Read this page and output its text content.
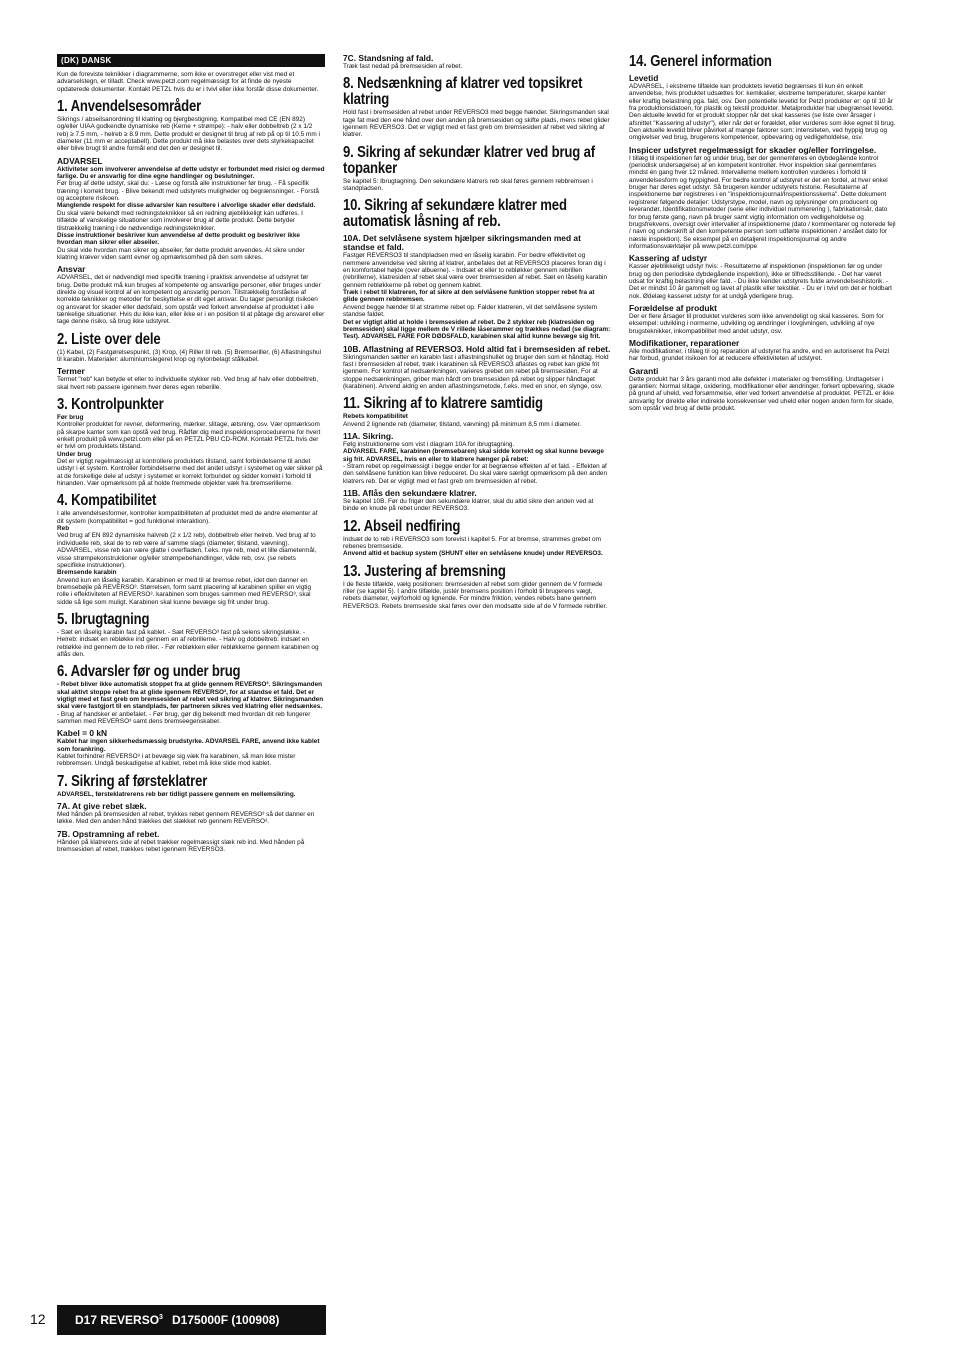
(DK) DANSK

Kun de foreviste teknikker i diagrammerne, som ikke er overstreget eller vist med et advarselstegn, er tilladt. Check www.petzl.com regelmæssigt for at finde de nyeste opdaterede dokumenter. Kontakt PETZL hvis du er i tvivl eller ikke forstår disse dokumenter.

1. Anvendelsesområder

Sikrings / abseilsanordning til klatring og bjergbestigning. Kompatibel med CE (EN 892) og/eller UIAA godkendte dynamiske reb (Kerne + strømpe): - halv eller dobbeltreb (2 x 1/2 reb) ≥ 7.5 mm, - helreb ≥ 8.9 mm. Dette produkt er designet til brug af reb på op til 10.5 mm i diameter (11 mm er acceptabelt). Dette produkt må ikke belastes over dets styrkekapacitet eller blive brugt til andre formål end det den er designet til.

ADVARSEL

Aktiviteter som involverer anvendelse af dette udstyr er forbundet med risici og dermed farlige. Du er ansvarlig for dine egne handlinger og beslutninger.

Før brug af dette udstyr, skal du: - Læse og forstå alle instruktioner før brug. - Få specifik træning i korrekt brug. - Blive bekendt med udstyrets muligheder og begrænsninger. - Forstå og acceptere risikoen.

Manglende respekt for disse advarsler kan resultere i alvorlige skader eller dødsfald.

Du skal være bekendt med redningsteknikker så en redning øjeblikkeligt kan udføres. I tilfælde af vanskelige situationer som involverer brug af dette produkt. Dette betyder tilstrækkelig træning i de nødvendige redningsteknikker.

Disse instruktioner beskriver kun anvendelse af dette produkt og beskriver ikke hvordan man sikrer eller abseiler.

Du skal vide hvordan man sikrer og abseiler, før dette produkt anvendes. At sikre under klatring kræver viden samt evner og opmærksomhed på den som sikres.

Ansvar

ADVARSEL, det er nødvendigt med specifik træning i praktisk anvendelse af udstyret før brug. Dette produkt må kun bruges af kompetente og ansvarlige personer, eller bruges under direkte og visuel kontrol af en kompetent og ansvarlig person. Tilstrækkelig forståelse af korrekte teknikker og metoder for beskyttelse er dit eget ansvar. Du tager personligt risikoen og ansvaret for skader eller dødsfald, som opstår ved forkert anvendelse af produktet i alle tænkelige situationer. Hvis du ikke kan, eller ikke er i en position til at påtage dig ansvaret eller tage denne risiko, så brug ikke udstyret.

2. Liste over dele

(1) Kabel, (2) Fastgørelsespunkt, (3) Krop, (4) Riller til reb. (5) Bremseriller, (6) Aflastningshul til karabin. Materialer: aluminiumslegeret krop og nylonbelagt stålkabel.

Termer

Termet "reb" kan betyde et eller to individuelle stykker reb. Ved brug af halv eller dobbeltreb, skal hvert reb passere igennem hver deres egen reberille.

3. Kontrolpunkter

Før brug

Kontroller produktet for revner, deformering, mærker, slitage, ætsning, osv. Vær opmærksom på skarpe kanter som kan opstå ved brug. Rådfør dig med inspektionsprocedurerne for hvert enkelt produkt på www.petzl.com eller på en PETZL PBU CD-ROM. Kontakt PETZL hvis der er tvivl om produktets tilstand.

Under brug

Det er vigtigt regelmæssigt at kontrollere produktets tilstand, samt forbindelserne til andet udstyr i et system. Kontroller forbindelserne med det andet udstyr i systemet og vær sikker på at de forskellige dele af udstyr i systemet er korrekt forbundet og sidder korrekt i forhold til hinanden. Vær opmærksom på at holde fremmede objekter væk fra bremserillerne.

4. Kompatibilitet

I alle anvendelsesformer, kontroller kompatibiliteten af produktet med de andre elementer af dit system (kompatibilitet = god funktionel interaktion).

Reb

Ved brug af EN 892 dynamiske halvreb (2 x 1/2 reb), dobbeltreb eller helreb. Ved brug af to individuelle reb, skal de to reb være af samme slags (diameter, tilstand, vævning). ADVARSEL, visse reb kan være glatte i overfladen, f.eks. nye reb, med et lille diametermål, visse strømpekonstruktioner og/eller strømpebehandlinger, våde reb, osv. (se rebets specifikke instruktioner).

Bremsende karabin

Anvend kun en låselig karabin. Karabinen er med til at bremse rebet, idet den danner en bremsebøjle på REVERSO³. Størrelsen, form samt placering af karabinen spiller en vigtig rolle i effektiviteten af REVERSO³. karabinen som bruges sammen med REVERSO³, skal sidde så lige som muligt. Karabinen skal kunne bevæge sig frit under brug.

5. Ibrugtagning

- Sæt en låselig karabin fast på kablet. - Sæt REVERSO³ fast på selens sikringsløkke. - Helreb: indsæt en rebløkke ind gennem en af rebrillerne. - Halv og dobbeltreb: indsæt en rebløkke ind gennem de to reb riller. - Før rebløkken eller rebløkkerne gennem karabinen og aflås den.

6. Advarsler før og under brug

- Rebet bliver ikke automatisk stoppet fra at glide gennem REVERSO³. Sikringsmanden skal aktivt stoppe rebet fra at glide igennem REVERSO³, for at standse et fald. Det er vigtigt med et fast greb om bremsesiden af rebet ved sikring af klatrer. Sikringsmanden skal være fastgjort til en standplads, før partneren sikres ved klatring eller nedsænkes.

- Brug af handsker er anbefalet. - Før brug, gør dig bekendt med hvordan dit reb fungerer sammen med REVERSO³ samt dens bremseegenskaber.

Kabel = 0 kN

Kablet har ingen sikkerhedsmæssig brudstyrke. ADVARSEL FARE, anvend ikke kablet som forankring.

Kablet forhindrer REVERSO³ i at bevæge sig væk fra karabinen, så man ikke mister rebbremsen. Undgå beskadigelse af kablet, rebet må ikke slide mod kablet.

7. Sikring af førsteklatrer

ADVARSEL, førsteklatrerens reb bør tidligt passere gennem en mellemsikring.

7A. At give rebet slæk.

Med hånden på bremsesiden af rebet, trykkes rebet gennem REVERSO³ så det danner en løkke. Med den anden hånd trækkes det slækket reb gennem REVERSO³.

7B. Opstramning af rebet.

Hånden på klatrerens side af rebet trækker regelmæssigt slæk reb ind. Med hånden på bremsesiden af rebet, trækkes rebet igennem REVERSO3.

7C. Standsning af fald.

Træk fast nedad på bremsesiden af rebet.

8. Nedsænkning af klatrer ved topsikret klatring

Hold fast i bremsesiden af rebet under REVERSO3 med begge hænder. Sikringsmanden skal tage fat med den ene hånd over den anden på bremsesiden og skifte plads, mens rebet glider igennem REVERSO3. Det er vigtigt med et fast greb om bremsesiden af rebet ved sikring af klatrer.

9. Sikring af sekundær klatrer ved brug af topanker

Se kapitel 5: Ibrugtagning. Den sekundære klatrers reb skal føres gennem rebbremsen i standpladsen.

10. Sikring af sekundære klatrer med automatisk låsning af reb.
10A. Det selvlåsene system hjælper sikringsmanden med at standse et fald.

Fastgør REVERSO3 til standpladsen med en låselig karabin. For bedre effektivitet og nemmere anvendelse ved sikring af klatrer, anbefales det at REVERSO3 placeres foran dig i en komfortabel højde (over albuerne). - Indsæt et eller to rebløkker gennem rebrillen (rebrillerne), klatresiden af rebet skal være over bremsesiden af rebet. Sæt en låselig karabin gennem rebløkkerne på rebet og gennem kablet.

Træk i rebet til klatreren, for at sikre at den selvlåsene funktion stopper rebet fra at glide gennem rebbremsen.

Anvend begge hænder til at stramme rebet op. Falder klatreren, vil det selvlåsene system standse faldet.

Det er vigtigt altid at holde i bremsesiden af rebet. De 2 stykker reb (klatresiden og bremsesiden) skal ligge mellem de V rillede låserammer og trækkes nedad (se diagram: Test). ADVARSEL FARE FOR DØDSFALD, karabinen skal altid kunne bevæge sig frit.

10B. Aflastning af REVERSO3. Hold altid fat i bremsesiden af rebet.

Sikringsmanden sætter en karabin fast i aflastningshullet og bruger den som et håndtag. Hold fast i bremsesiden af rebet, træk i karabinen så REVERSO3 aflastes og rebet kan glide frit igennem. For kontrol af nedsænkningen, varieres grebet om rebet på bremsesiden. For at stoppe nedsænkningen, griber man hårdt om bremsesiden på rebet og slipper håndtaget (karabinen). Anvend aldrig en anden aflastningsmetode, f.eks. med en snor, en slynge, osv.

11. Sikring af to klatrere samtidig

Rebets kompatibilitet

Anvend 2 lignende reb (diameter, tilstand, vævning) på minimum 8,5 mm i diameter.

11A. Sikring.

Følg instruktionerne som vist i diagram 10A for ibrugtagning.

ADVARSEL FARE, karabinen (bremsebaren) skal sidde korrekt og skal kunne bevæge sig frit. ADVARSEL, hvis en eller to klatrere hænger på rebet:

- Stram rebet op regelmæssigt i begge ender for at begrænse effekten af et fald. - Effekten af den selvlåsene funktion kan blive reduceret. Du skal være særligt opmærksom på den anden klatrers reb. Det er vigtigt med et fast greb om bremsesiden af rebet.

11B. Aflås den sekundære klatrer.

Se kapitel 10B. Før du frigør den sekundære klatrer, skal du altid sikre den anden ved at binde en knude på rebet under REVERSO3.

12. Abseil nedfiring

Indsæt de to reb i REVERSO3 som forevist i kapitel 5. For at bremse, strammes grebet om rebenes bremseside.

Anvend altid et backup system (SHUNT eller en selvlåsene knude) under REVERSO3.

13. Justering af bremsning

I de fleste tilfælde, vælg positionen: bremsesiden af rebet som glider gennem de V formede riller (se kapitel 5). I andre tilfælde, justér bremsens position i forhold til brugerens vægt, rebets diameter, vejrforhold og lignende. For mindre friktion, vendes rebets bane gennem REVERSO3. Rebets bremseside skal føres over den modsatte side af de V formede rebriller.

14. Generel information
Levetid

ADVARSEL, i ekstreme tilfælde kan produktets levetid begrænses til kun én enkelt anvendelse, hvis produktet udsættes for: kemikalier, ekstreme temperaturer, skarpe kanter eller kraftig belastning pga. fald, osv. Den potentielle levetid for Petzl produkter er: op til 10 år fra produktionsdatoen, for plastik og tekstil produkter. Metalprodukter har ubegrænset levetid. Den aktuelle levetid for et produkt stopper når det skal kasseres (se liste over årsager i afsnittet "Kassering af udstyr"), eller når det er forældet, eller vurderes som ikke egnet til brug. Den aktuelle levetid bliver påvirket af mange faktorer som: intensiteten, ved hyppig brug og omgivelser ved brug, brugerens kompetencer, opbevaring og vedligeholdelse, osv.

Inspicer udstyret regelmæssigt for skader og/eller forringelse.

I tillæg til inspektionen før og under brug, bør der gennemføres en dybdegående kontrol (periodisk undersøgelse) af en kompetent kontrollør. Hvor inspektion skal gennemføres mindst én gang hver 12 måned. Intervallerne mellem kontrollen vurderes i forhold til anvendelsesform og hyppighed. For bedre kontrol af udstyret er det en fordel, at hver enkel bruger har deres eget udstyr. Så brugeren kender udstyrets historie. Resultaterne af inspektionerne bør registreres i en "inspektionsjournal/Inspektionsskema". Dette dokument registrerer følgende detaljer: Udstyrstype, model, navn og oplysninger om producent og leverandør. Identifikationsmetoder (serie eller individuel nummerering ), fabrikationsår, dato for brug første gang, navn på bruger samt vigtig information om vedligeholdelse og brugsfrekvens, oversigt over intervaller af inspektionerne (dato / kommentarer og noterede fejl / navn og underskrift af den kompetente person som udførte inspektionen / anslået dato for næste inspektion). Se eksempel på en detaljeret inspektionsjournal og andre informationsværktøjer på www.petzl.com/ppe

Kassering af udstyr

Kasser øjeblikkeligt udstyr hvis: - Resultaterne af inspektionen (inspektionen før og under brug og den periodiske dybdegående inspektion), ikke er tilfredsstillende. - Det har været udsat for kraftig belastning eller fald. - Du ikke kender udstyrets fulde anvendelseshistorik. - Det er mindst 10 år gammelt og lavet af plastik eller tekstiler. - Du er i tvivl om det er holdbart nok. Ødelæg kasseret udstyr for at undgå yderligere brug.

Forældelse af produkt

Der er flere årsager til produktet vurderes som ikke anvendeligt og skal kasseres. Som for eksempel: udvikling i normerne, udvikling og ændringer i lovgivningen, udvikling af nye brugsteknikker, inkompatibilitet med andet udstyr, osv.

Modifikationer, reparationer

Alle modifikationer, i tillæg til og reparation af udstyret fra andre, end en autoriseret fra Petzl har forbud, grundet risikoen for at reducere effektiviteten af udstyret.

Garanti

Dette produkt har 3 års garanti mod alle defekter i materialer og fremstilling. Undtagelser i garantien: Normal slitage, oxidering, modifikationer eller ændringer, forkert opbevaring, skade på grund af uheld, ved forsømmelse, eller ved forkert anvendelse af produktet. PETZL er ikke ansvarlig for direkte eller indirekte konsekvenser ved uheld eller nogen anden form for skade, som opstår ved brug af dette produkt.

12 D17 REVERSO$^3$ D175000F (100908)
